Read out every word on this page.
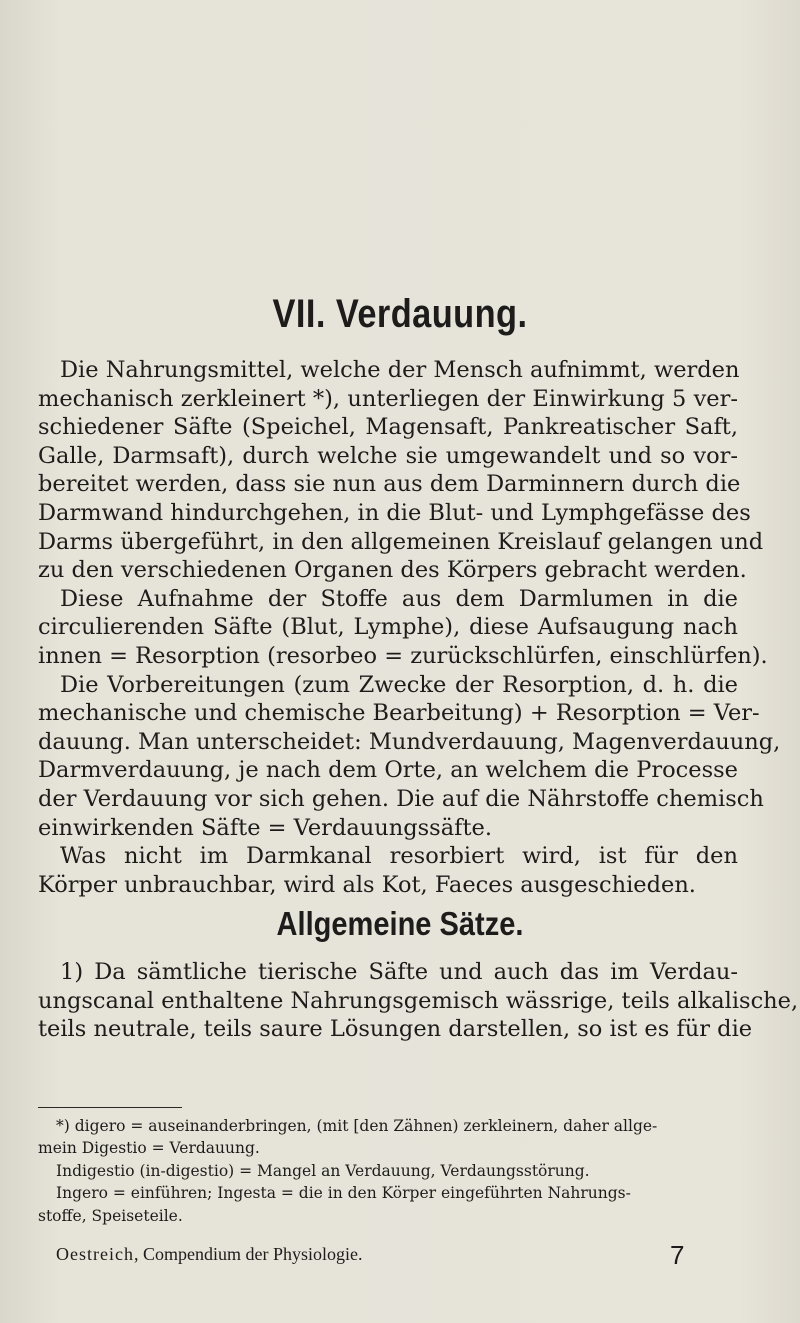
VII. Verdauung.
Die Nahrungsmittel, welche der Mensch aufnimmt, werden
mechanisch zerkleinert *), unterliegen der Einwirkung 5 ver-
schiedener Säfte (Speichel, Magensaft, Pankreatischer Saft,
Galle, Darmsaft), durch welche sie umgewandelt und so vor-
bereitet werden, dass sie nun aus dem Darminnern durch die
Darmwand hindurchgehen, in die Blut- und Lymphgefässe des
Darms übergeführt, in den allgemeinen Kreislauf gelangen und
zu den verschiedenen Organen des Körpers gebracht werden.
Diese Aufnahme der Stoffe aus dem Darmlumen in die
circulierenden Säfte (Blut, Lymphe), diese Aufsaugung nach
innen = Resorption (resorbeo = zurückschlürfen, einschlürfen).
Die Vorbereitungen (zum Zwecke der Resorption, d. h. die
mechanische und chemische Bearbeitung) + Resorption = Ver-
dauung. Man unterscheidet: Mundverdauung, Magenverdauung,
Darmverdauung, je nach dem Orte, an welchem die Processe
der Verdauung vor sich gehen. Die auf die Nährstoffe chemisch
einwirkenden Säfte = Verdauungssäfte.
Was nicht im Darmkanal resorbiert wird, ist für den
Körper unbrauchbar, wird als Kot, Faeces ausgeschieden.
Allgemeine Sätze.
1) Da sämtliche tierische Säfte und auch das im Verdau-
ungscanal enthaltene Nahrungsgemisch wässrige, teils alkalische,
teils neutrale, teils saure Lösungen darstellen, so ist es für die
*) digero = auseinanderbringen, (mit [den Zähnen) zerkleinern, daher allge-
mein Digestio = Verdauung.
Indigestio (in-digestio) = Mangel an Verdauung, Verdaungsstörung.
Ingero = einführen; Ingesta = die in den Körper eingeführten Nahrungs-
stoffe, Speiseteile.
Oestreich, Compendium der Physiologie.	7
